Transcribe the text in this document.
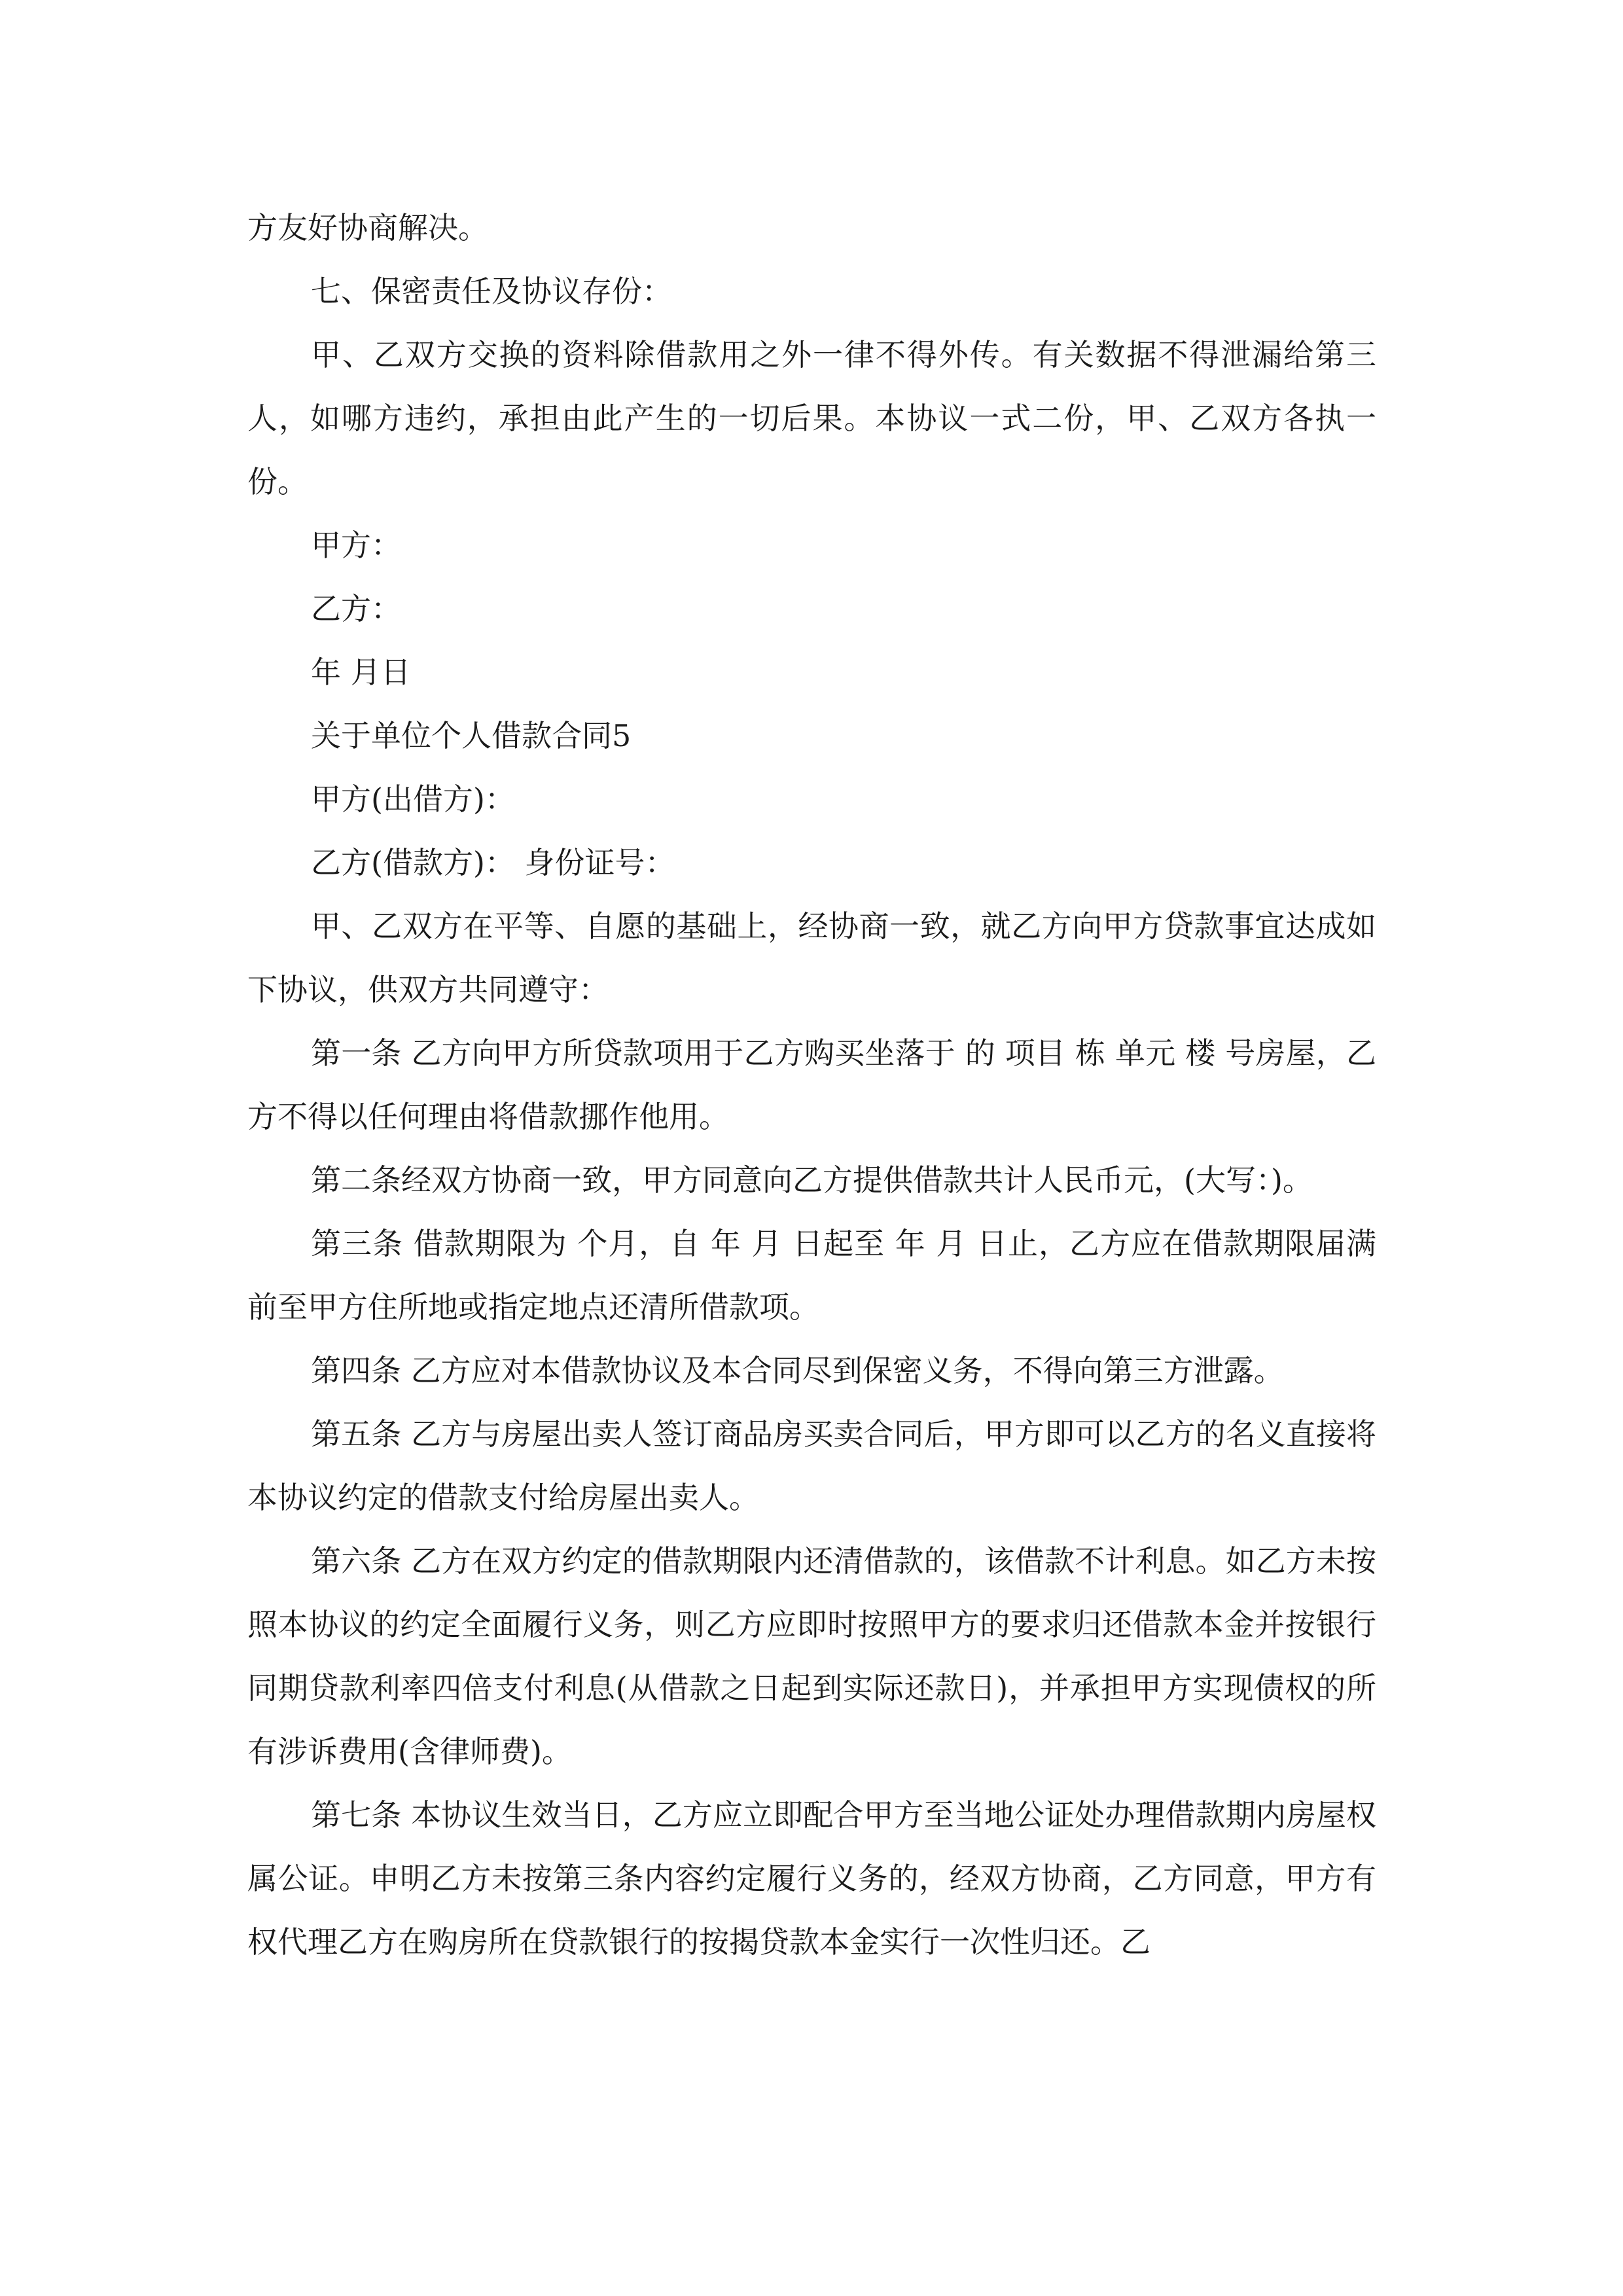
方友好协商解决。

七、保密责任及协议存份：

甲、乙双方交换的资料除借款用之外一律不得外传。有关数据不得泄漏给第三人，如哪方违约，承担由此产生的一切后果。本协议一式二份，甲、乙双方各执一份。

甲方：

乙方：

年 月日

关于单位个人借款合同5

甲方(出借方)：

乙方(借款方)： 身份证号：

甲、乙双方在平等、自愿的基础上，经协商一致，就乙方向甲方贷款事宜达成如下协议，供双方共同遵守：

第一条 乙方向甲方所贷款项用于乙方购买坐落于 的 项目 栋 单元 楼 号房屋，乙方不得以任何理由将借款挪作他用。

第二条经双方协商一致，甲方同意向乙方提供借款共计人民币元，(大写：)。

第三条 借款期限为 个月，自 年 月 日起至 年 月 日止，乙方应在借款期限届满前至甲方住所地或指定地点还清所借款项。

第四条 乙方应对本借款协议及本合同尽到保密义务，不得向第三方泄露。

第五条 乙方与房屋出卖人签订商品房买卖合同后，甲方即可以乙方的名义直接将本协议约定的借款支付给房屋出卖人。

第六条 乙方在双方约定的借款期限内还清借款的，该借款不计利息。如乙方未按照本协议的约定全面履行义务，则乙方应即时按照甲方的要求归还借款本金并按银行同期贷款利率四倍支付利息(从借款之日起到实际还款日)，并承担甲方实现债权的所有涉诉费用(含律师费)。

第七条 本协议生效当日，乙方应立即配合甲方至当地公证处办理借款期内房屋权属公证。申明乙方未按第三条内容约定履行义务的，经双方协商，乙方同意，甲方有权代理乙方在购房所在贷款银行的按揭贷款本金实行一次性归还。乙
